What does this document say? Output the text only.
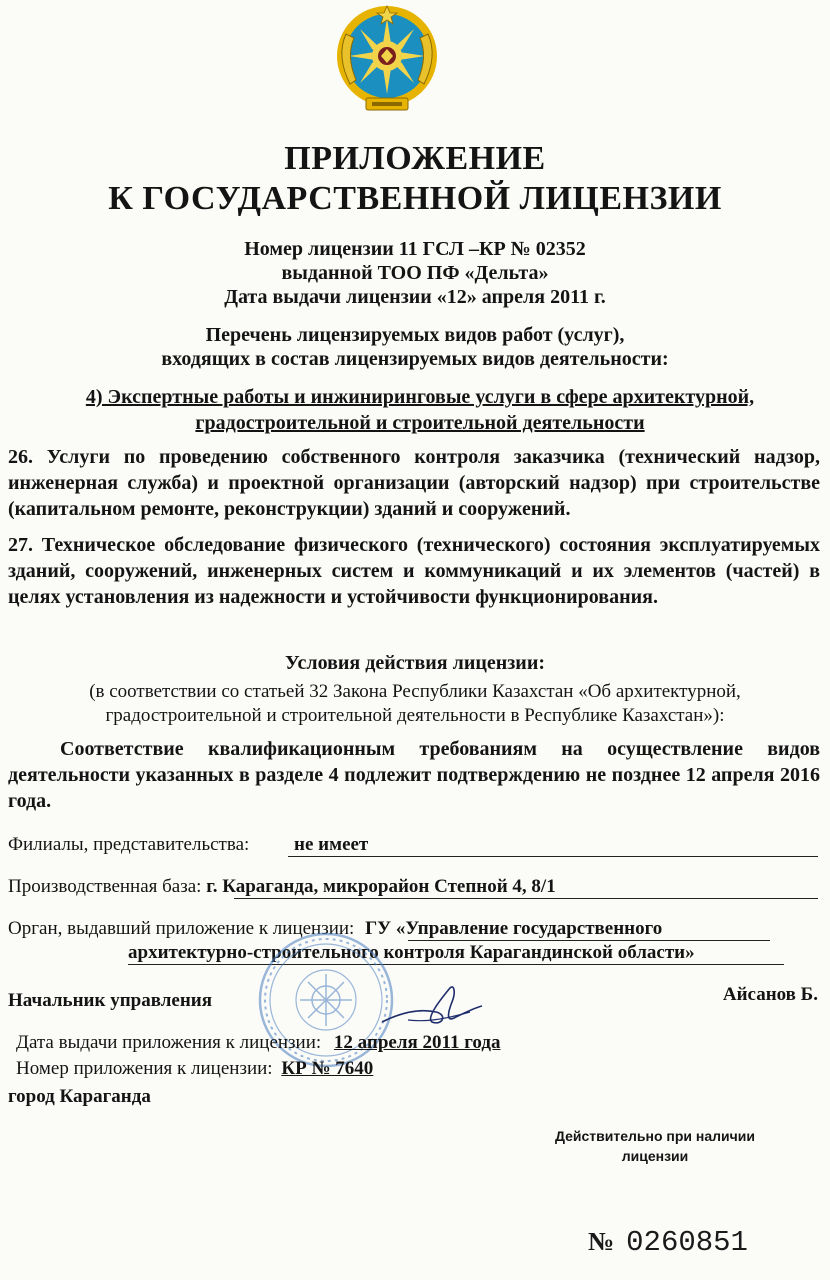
ПРИЛОЖЕНИЕ
К ГОСУДАРСТВЕННОЙ ЛИЦЕНЗИИ
Номер лицензии 11 ГСЛ –КР № 02352
выданной ТОО ПФ «Дельта»
Дата выдачи лицензии «12» апреля 2011 г.
Перечень лицензируемых видов работ (услуг),
входящих в состав лицензируемых видов деятельности:
4) Экспертные работы и инжиниринговые услуги в сфере архитектурной,
градостроительной и строительной деятельности
26. Услуги по проведению собственного контроля заказчика (технический надзор, инженерная служба) и проектной организации (авторский надзор) при строительстве (капитальном ремонте, реконструкции) зданий и сооружений.
27. Техническое обследование физического (технического) состояния эксплуатируемых зданий, сооружений, инженерных систем и коммуникаций и их элементов (частей) в целях установления из надежности и устойчивости функционирования.
Условия действия лицензии:
(в соответствии со статьей 32 Закона Республики Казахстан «Об архитектурной,
градостроительной и строительной деятельности в Республике Казахстан»):
Соответствие квалификационным требованиям на осуществление видов деятельности указанных в разделе 4 подлежит подтверждению не позднее 12 апреля 2016 года.
Филиалы, представительства: не имеет
Производственная база: г. Караганда, микрорайон Степной 4, 8/1
Орган, выдавший приложение к лицензии: ГУ «Управление государственного
архитектурно-строительного контроля Карагандинской области»
Начальник управления	Айсанов Б.
Дата выдачи приложения к лицензии: 12 апреля 2011 года
Номер приложения к лицензии: КР № 7640
город Караганда
Действительно при наличии
лицензии
№ 0260851
